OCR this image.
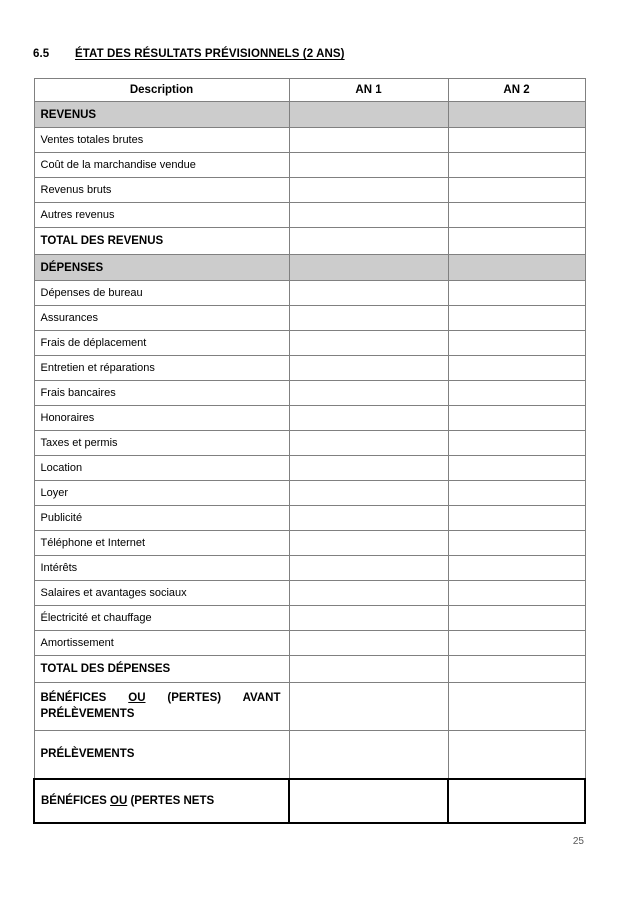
6.5 ÉTAT DES RÉSULTATS PRÉVISIONNELS (2 ANS)
Description	AN 1	AN 2
REVENUS		
Ventes totales brutes		
Coût de la marchandise vendue		
Revenus bruts		
Autres revenus		
TOTAL DES REVENUS		
DÉPENSES		
Dépenses de bureau		
Assurances		
Frais de déplacement		
Entretien et réparations		
Frais bancaires		
Honoraires		
Taxes et permis		
Location		
Loyer		
Publicité		
Téléphone et Internet		
Intérêts		
Salaires et avantages sociaux		
Électricité et chauffage		
Amortissement		
TOTAL DES DÉPENSES		
BÉNÉFICES OU (PERTES) AVANT PRÉLÈVEMENTS		
PRÉLÈVEMENTS		
BÉNÉFICES OU (PERTES NETS		
25
